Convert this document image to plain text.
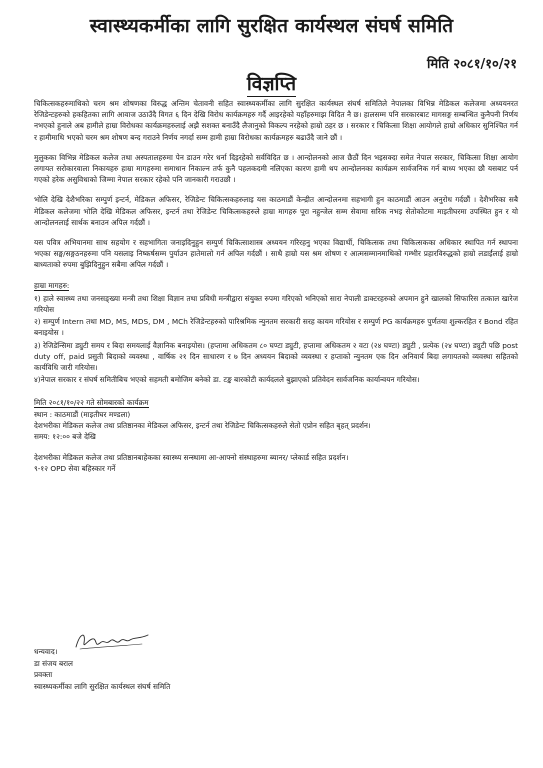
स्वास्थ्यकर्मीका लागि सुरक्षित कार्यस्थल संघर्ष समिति
मिति २०८१/१०/२१
विज्ञप्ति

चिकित्सकहरुमाथिको चरम श्रम शोषणका विरुद्ध अन्तिम चेतावनी सहित स्वास्थ्यकर्मीका लागि सुरक्षित कार्यस्थल संघर्ष समितिले नेपालका विभिन्न मेडिकल कलेजमा अध्ययनरत रेजिडेन्टहरुको हकहितका लागि आवाज उठाउँदै विगत ६ दिन देखि विरोध कार्यक्रमहरु गर्दै आइरहेको यहाँहरुमाझ विदित नै छ। हालसम्म पनि सरकारबाट मागसङ्ग सम्बन्धित कुनैपनी निर्णय नभएको हुनाले अब हामीले हाम्रा विरोधका कार्यक्रमहरुलाई अझै सशक्त बनाउँदै लैजानुको विकल्प नरहेको हाम्रो ठहर छ । सरकार र चिकित्सा शिक्षा आयोगले हाम्रो अधिकार सुनिश्चित गर्न र हामीमाथि भएको चरम श्रम शोषण बन्द गराउने निर्णय नगर्दा सम्म हामी हाम्रा विरोधका कार्यक्रमहरु बढाउँदै जाने छौं ।

मुलुकका विभिन्न मेडिकल कलेज तथा अस्पतालहरुमा पेन डाउन गरेर धर्ना दिइरहेको सर्वविदित छ । आन्दोलनको आज छैठौं दिन भइसक्दा समेत नेपाल सरकार, चिकित्सा शिक्षा आयोग लगायत सरोकारवाला निकायहरु हाम्रा मागहरुमा समाधान निकाल्न तर्फ कुनै पहलकदमी नलिएका कारण हामी थप आन्दोलनका कार्यक्रम सार्वजनिक गर्न बाध्य भएका छौ यसबाट पर्न गएको हरेक असुविधाको जिम्मा नेपाल सरकार रहेको पनि जानकारी गराउछौ ।

भोलि देखि देशैभरिका सम्पुर्ण इन्टर्न, मेडिकल अफिसर, रेजिडेन्ट चिकित्सकहरुलाइ यस काठमाडौं केन्द्रीत आन्दोलनमा सहभागी हुन काठमाडौं आउन अनुरोध गर्दछौं । देशैभरिका सबै मेडिकल कलेजमा भोलि देखि मेडिकल अफिसर, इन्टर्न तथा रेजिडेन्ट चिकित्सकहरुले हाम्रा मागहरु पूरा नहुन्जेल सम्म सेवामा सरिक नभइ सेतोकोटमा माइतीघरमा उपस्थित हुन र यो आन्दोलनलाई सार्थक बनाउन अपिल गर्दछौं ।

यस पवित्र अभियानमा साथ सहयोग र सहभागिता जनाइदिनुहुन सम्पुर्ण चिकित्साशास्त्र अध्ययन गरिरहनु भएका विद्यार्थी, चिकित्सक तथा चिकित्सकका अधिकार स्थापित गर्न स्थापना भएका सङ्घ/सङ्गठनहरुमा पनि यसलाइ निष्कर्षसम्म पुर्याउन हातेमालो गर्न अपिल गर्दछौं । साथै हाम्रो यस श्रम शोषण र आत्मसम्मानमाथिको गम्भीर प्रहारविरुद्धको हाम्रो लडाईंलाई हाम्रो बाध्यताको रुपमा बुझिदिनुहुन सबैमा अपिल गर्दछौं ।

हाम्रा मागहरु:
१) हाले स्वास्थ्य तथा जनसङ्ख्या मन्त्री तथा शिक्षा विज्ञान तथा प्रविधी मन्त्रीद्वारा संयुक्त रुपमा गरिएको भनिएको सारा नेपाली डाक्टरहरुको अपमान हुने खालको सिफारिस तत्काल खारेज गरियोस
२) सम्पुर्ण Intern तथा MD, MS, MDS, DM , MCh रेजिडेन्टहरुको पारिश्रमिक न्युनतम सरकारी सरह कायम गरियोस र सम्पुर्ण PG कार्यक्रमहरु पुर्णतया शुल्करहित र Bond रहित बनाइयोस ।
३) रेजिडेन्सिमा ड्युटी समय र बिदा समयलाई वैज्ञानिक बनाइयोस। (हप्तामा अधिकतम ८० घण्टा ड्युटी, हप्तामा अधिकतम २ वटा (२४ घण्टा) ड्युटी , प्रत्येक (२४ घण्टा) ड्युटी पछि post duty off, paid प्रसुती बिदाको व्यवस्था , वार्षिक २१ दिन साधारण र ७ दिन अध्ययन बिदाको व्यवस्था र हप्ताको न्युनतम एक दिन अनिवार्य बिदा लगायतको व्यवस्था सहितको कार्यविधि जारी गरियोस।
४)नेपाल सरकार र संघर्ष समितीबिच भएको सहमती बमोजिम बनेको डा. टङ्क बारकोटी कार्यदलले बुझाएको प्रतिवेदन सार्वजनिक कार्यान्वयन गरियोस।
मिति २०८१/१०/२२ गते सोमबारको कार्यक्रम
स्थान : काठमाडौं (माइतीघर मण्डला)
देशभरीका मेडिकल कलेज तथा प्रतिष्ठानका मेडिकल अफिसर, इन्टर्न तथा रेजिडेन्ट चिकित्सकहरुले सेतो एप्रोन सहित बृहत् प्रदर्शन।
समय: १२:०० बजे देखि
देशभरीका मेडिकल कलेज तथा प्रतिष्ठानबाहेकका स्वास्थ्य सन्स्थामा आ-आफ्नो संस्थाहरुमा ब्यानर/ प्लेकार्ड सहित प्रदर्शन।
९-१२ OPD सेवा बहिस्कार गर्ने
धन्यवाद।
डा संजय बराल
प्रवक्ता
स्वास्थ्यकर्मीका लागि सुरक्षित कार्यस्थल संघर्ष समिति
